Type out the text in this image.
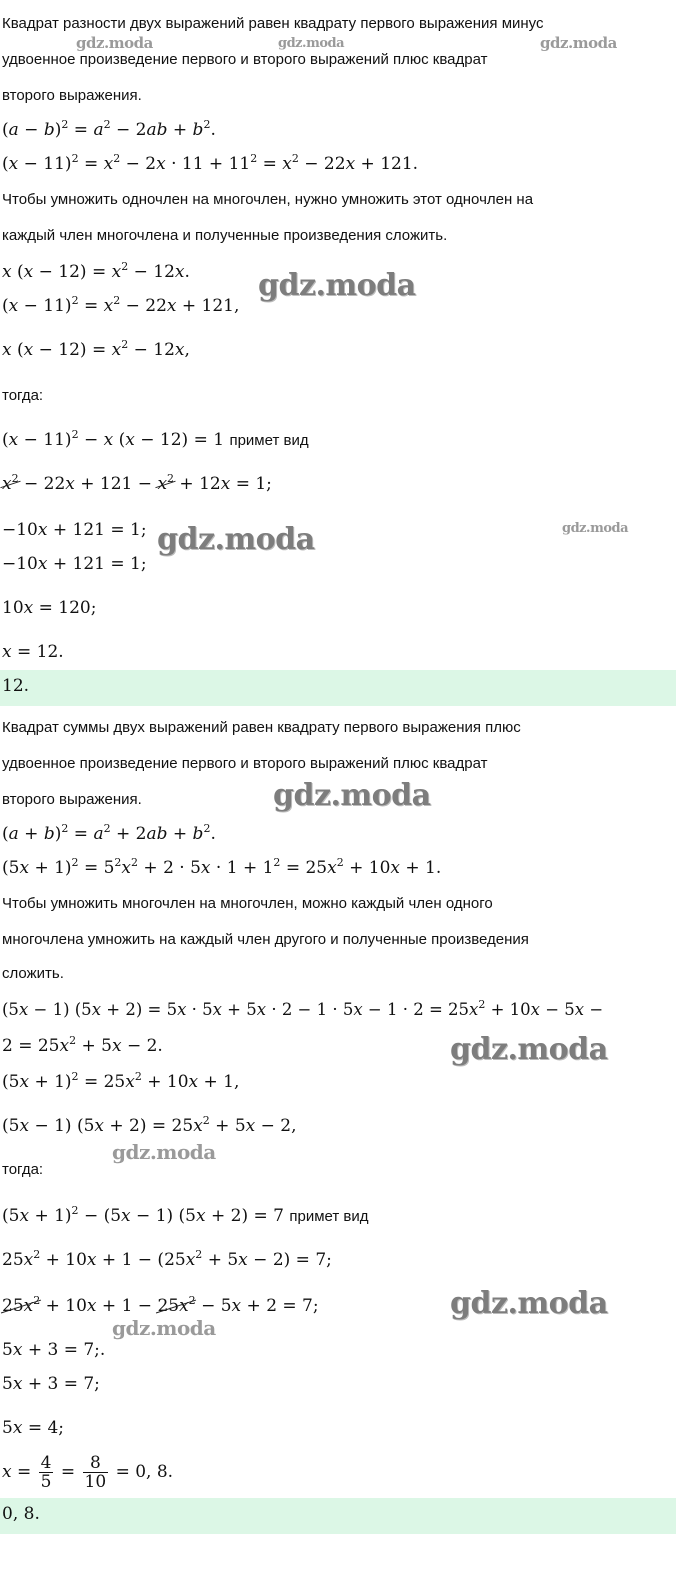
Квадрат разности двух выражений равен квадрату первого выражения минус
удвоенное произведение первого и второго выражений плюс квадрат
второго выражения.
$(a - b)^2 = a^2 - 2ab + b^2$.
$(x - 11)^2 = x^2 - 2x \cdot 11 + 11^2 = x^2 - 22x + 121$.
Чтобы умножить одночлен на многочлен, нужно умножить этот одночлен на
каждый член многочлена и полученные произведения сложить.
x $(x - 12) = x^2 - 12x$.
$(x - 11)^2 = x^2 - 22x + 121$,
x $(x - 12) = x^2 - 12x$,
тогда:
$(x - 11)^2 - x$ (x − 12) = 1 примет вид
$x^2 - 22x + 121 - x^2 + 12x = 1$;
−10x + 121 = 1;
−10x + 121 = 1;
10x = 120;
x = 12.
12.
Квадрат суммы двух выражений равен квадрату первого выражения плюс
удвоенное произведение первого и второго выражений плюс квадрат
второго выражения.
$(a + b)^2 = a^2 + 2ab + b^2$.
$(5x + 1)^2 = 5^2x^2 + 2 \cdot 5x \cdot 1 + 1^2 = 25x^2 + 10x + 1$.
Чтобы умножить многочлен на многочлен, можно каждый член одного
многочлена умножить на каждый член другого и полученные произведения
сложить.
(5x − 1) $(5x + 2) = 5x \cdot 5x + 5x \cdot 2 - 1 \cdot 5x - 1 \cdot 2 = 25x^2 + 10x - 5x$ −
$2 = 25x^2 + 5x - 2$.
$(5x + 1)^2 = 25x^2 + 10x + 1$,
(5x − 1) $(5x + 2) = 25x^2 + 5x - 2$,
тогда:
$(5x + 1)^2 - (5x - 1)$ (5x + 2) = 7 примет вид
$25x^2 + 10x + 1 - (25x^2 + 5x - 2) = 7$;
$25x^2 + 10x + 1 - 25x^2 - 5x + 2 = 7$;
5x + 3 = 7;.
5x + 3 = 7;
5x = 4;
$x = \frac{4}{5} = \frac{8}{10} = 0$, 8.
0, 8.
gdz.moda	gdz.moda	gdz.moda
gdz.moda
gdz.moda	gdz.moda
gdz.moda
gdz.moda
gdz.moda
gdz.moda
gdz.moda
